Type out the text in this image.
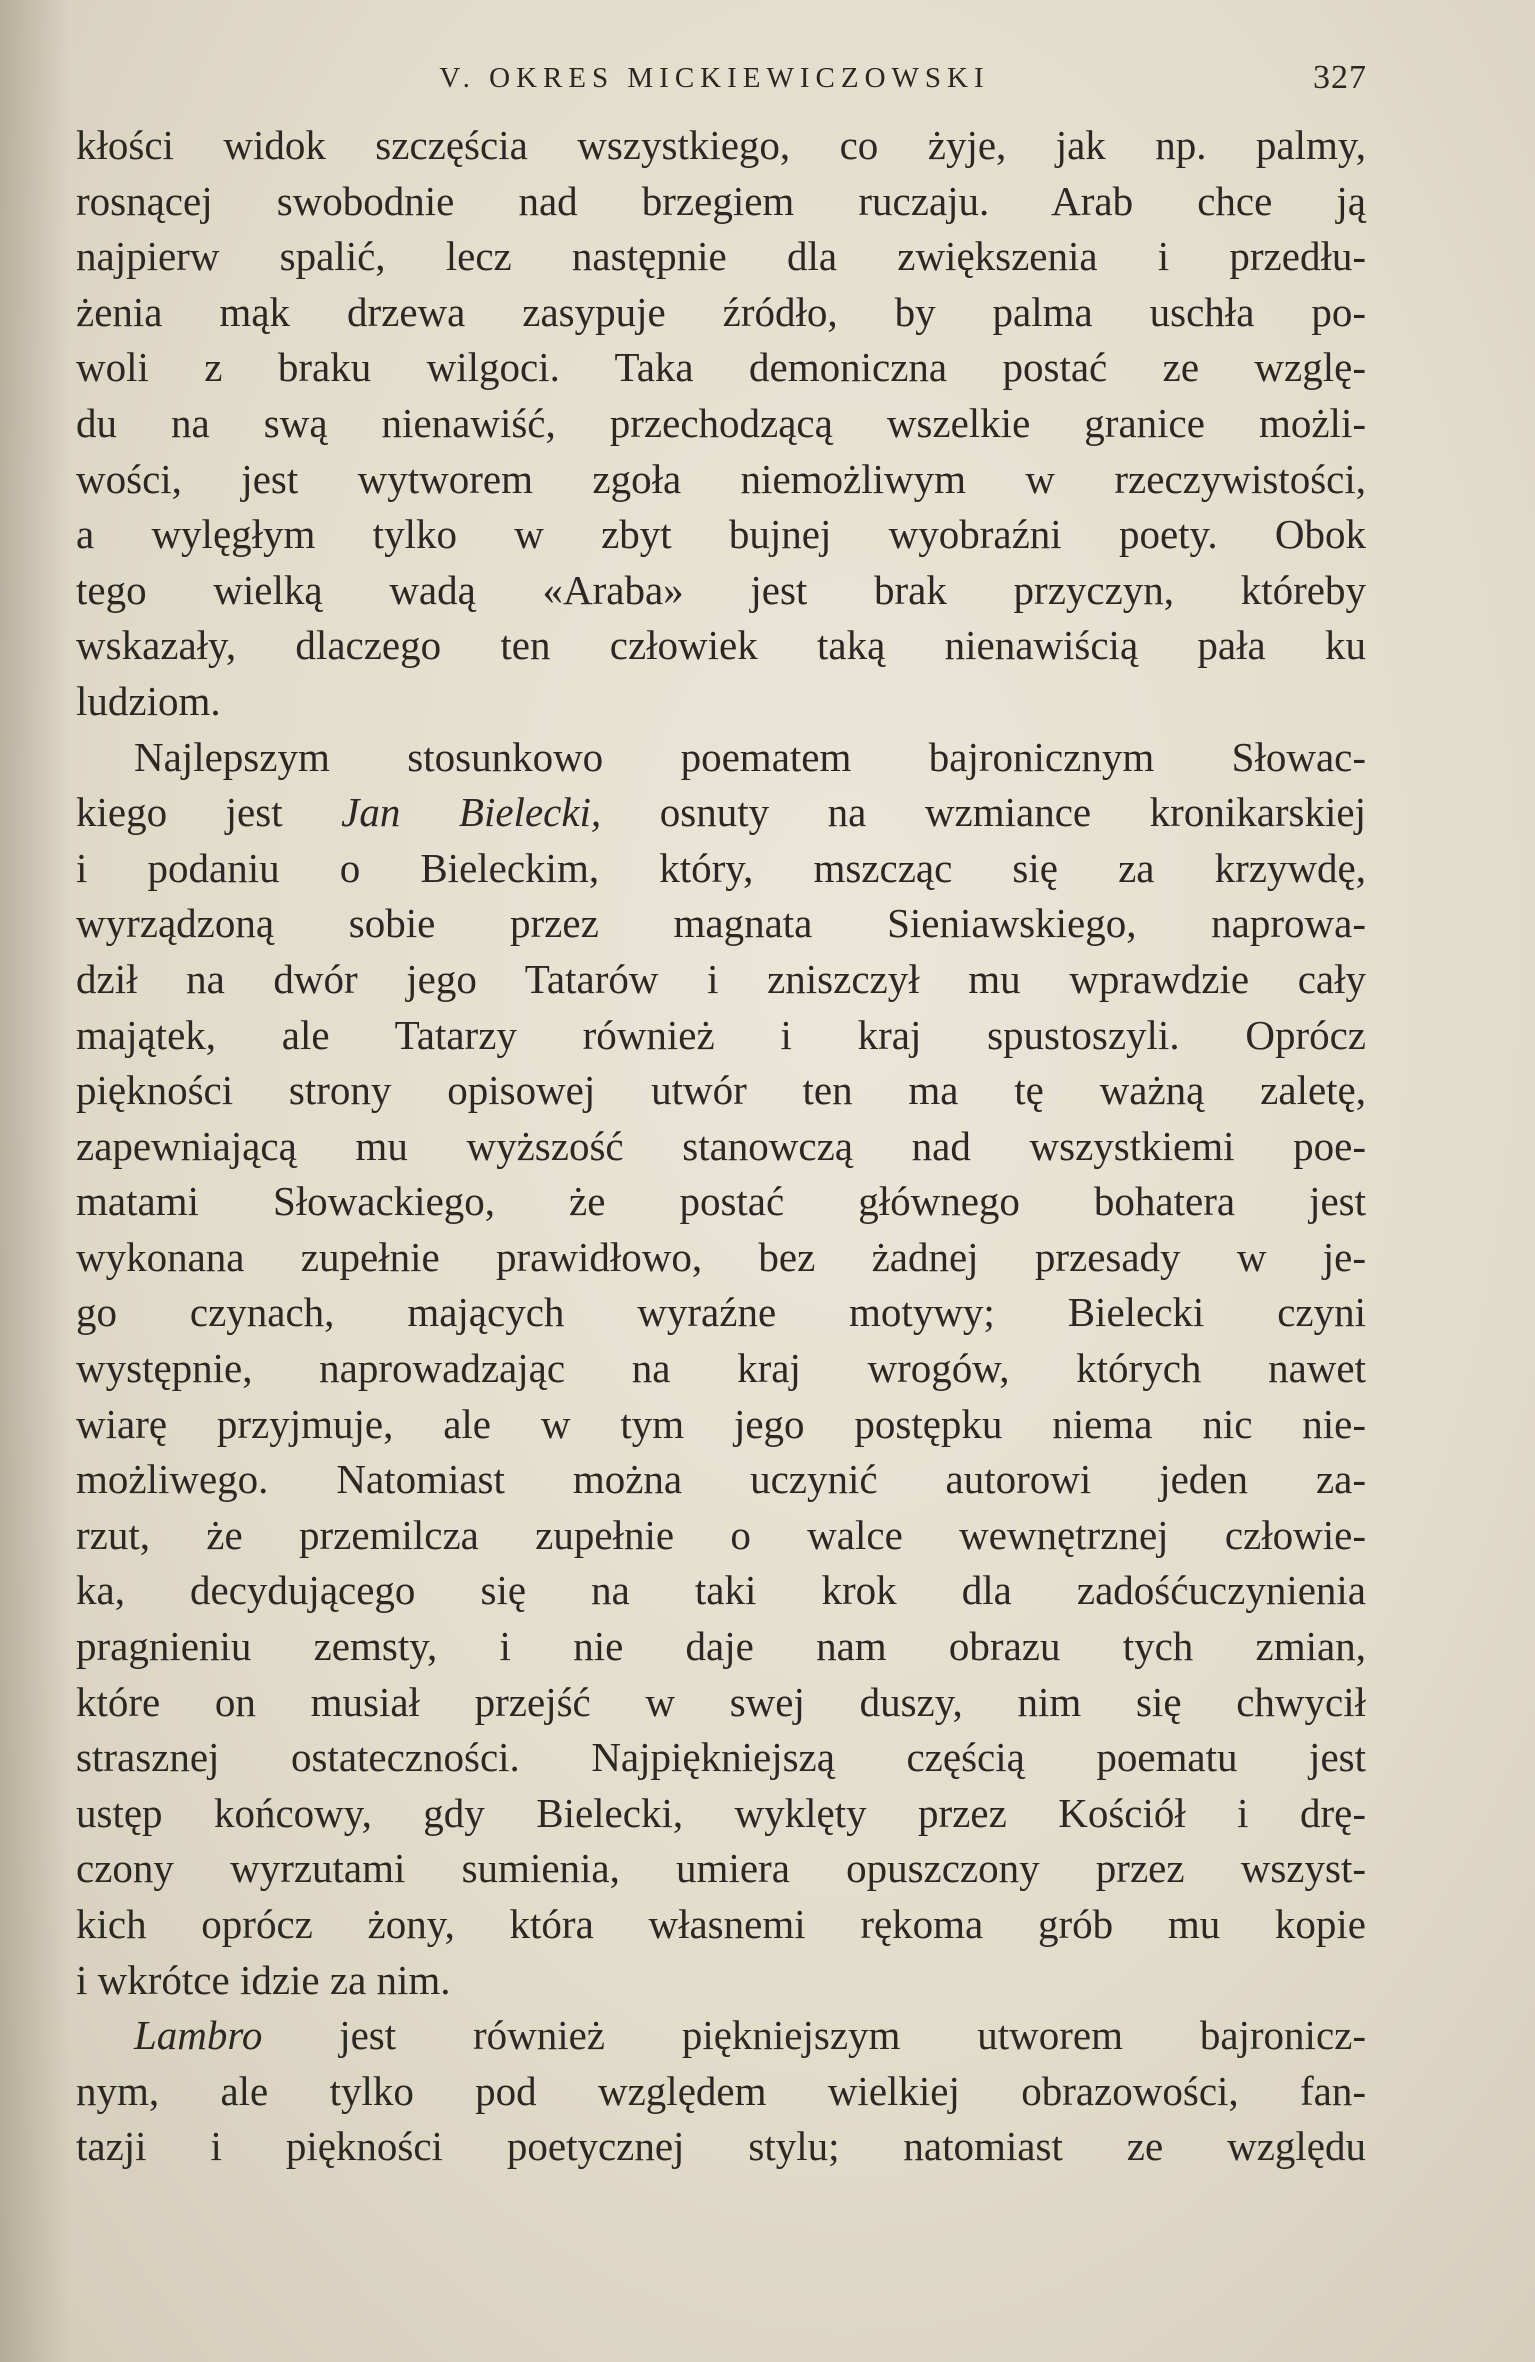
V. OKRES MICKIEWICZOWSKI	327
kłości widok szczęścia wszystkiego, co żyje, jak np. palmy,
rosnącej swobodnie nad brzegiem ruczaju. Arab chce ją
najpierw spalić, lecz następnie dla zwiększenia i przedłu-
żenia mąk drzewa zasypuje źródło, by palma uschła po-
woli z braku wilgoci. Taka demoniczna postać ze wzglę-
du na swą nienawiść, przechodzącą wszelkie granice możli-
wości, jest wytworem zgoła niemożliwym w rzeczywistości,
a wylęgłym tylko w zbyt bujnej wyobraźni poety. Obok
tego wielką wadą «Araba» jest brak przyczyn, któreby
wskazały, dlaczego ten człowiek taką nienawiścią pała ku
ludziom.
Najlepszym stosunkowo poematem bajronicznym Słowac-
kiego jest Jan Bielecki, osnuty na wzmiance kronikarskiej
i podaniu o Bieleckim, który, mszcząc się za krzywdę,
wyrządzoną sobie przez magnata Sieniawskiego, naprowa-
dził na dwór jego Tatarów i zniszczył mu wprawdzie cały
majątek, ale Tatarzy również i kraj spustoszyli. Oprócz
piękności strony opisowej utwór ten ma tę ważną zaletę,
zapewniającą mu wyższość stanowczą nad wszystkiemi poe-
matami Słowackiego, że postać głównego bohatera jest
wykonana zupełnie prawidłowo, bez żadnej przesady w je-
go czynach, mających wyraźne motywy; Bielecki czyni
występnie, naprowadzając na kraj wrogów, których nawet
wiarę przyjmuje, ale w tym jego postępku niema nic nie-
możliwego. Natomiast można uczynić autorowi jeden za-
rzut, że przemilcza zupełnie o walce wewnętrznej człowie-
ka, decydującego się na taki krok dla zadośćuczynienia
pragnieniu zemsty, i nie daje nam obrazu tych zmian,
które on musiał przejść w swej duszy, nim się chwycił
strasznej ostateczności. Najpiękniejszą częścią poematu jest
ustęp końcowy, gdy Bielecki, wyklęty przez Kościół i drę-
czony wyrzutami sumienia, umiera opuszczony przez wszyst-
kich oprócz żony, która własnemi rękoma grób mu kopie
i wkrótce idzie za nim.
Lambro jest również piękniejszym utworem bajronicz-
nym, ale tylko pod względem wielkiej obrazowości, fan-
tazji i piękności poetycznej stylu; natomiast ze względu
